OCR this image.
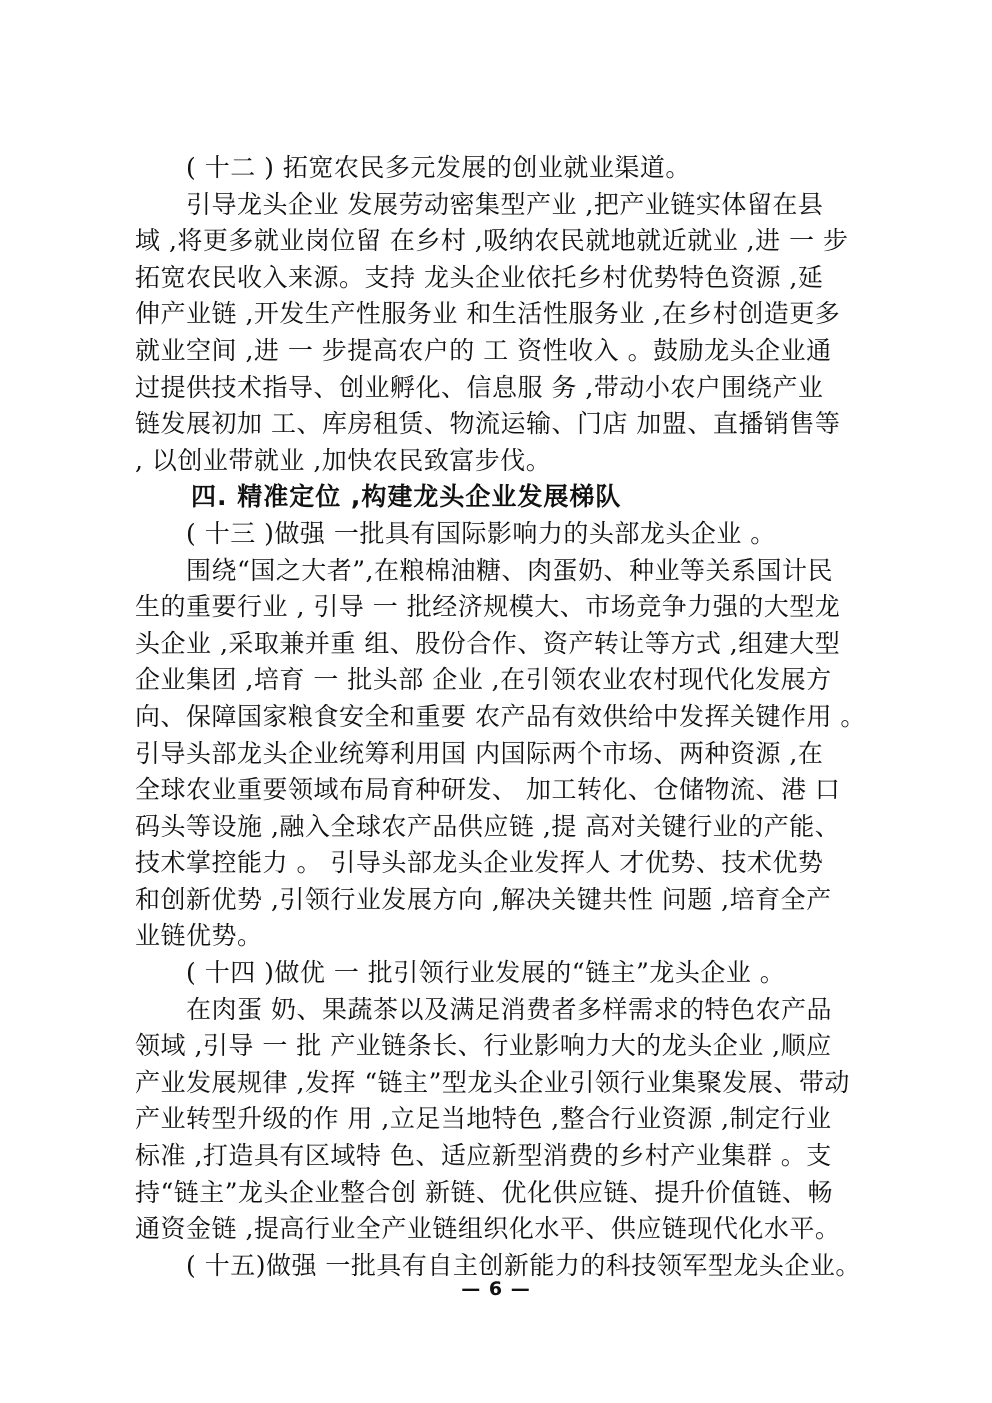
( 十二 ) 拓宽农民多元发展的创业就业渠道。
引导龙头企业 发展劳动密集型产业 ,把产业链实体留在县
域 ,将更多就业岗位留 在乡村 ,吸纳农民就地就近就业 ,进 一 步
拓宽农民收入来源。支持 龙头企业依托乡村优势特色资源 ,延
伸产业链 ,开发生产性服务业 和生活性服务业 ,在乡村创造更多
就业空间 ,进 一 步提高农户的 工 资性收入 。鼓励龙头企业通
过提供技术指导、创业孵化、信息服 务 ,带动小农户围绕产业
链发展初加 工、库房租赁、物流运输、门店 加盟、直播销售等
, 以创业带就业 ,加快农民致富步伐。
四. 精准定位 ,构建龙头企业发展梯队
( 十三 )做强 一批具有国际影响力的头部龙头企业 。
围绕“国之大者”,在粮棉油糖、肉蛋奶、种业等关系国计民
生的重要行业 , 引导 一 批经济规模大、市场竞争力强的大型龙
头企业 ,采取兼并重 组、股份合作、资产转让等方式 ,组建大型
企业集团 ,培育 一 批头部 企业 ,在引领农业农村现代化发展方
向、保障国家粮食安全和重要 农产品有效供给中发挥关键作用 。
引导头部龙头企业统筹利用国 内国际两个市场、两种资源 ,在
全球农业重要领域布局育种研发、 加工转化、仓储物流、港 口
码头等设施 ,融入全球农产品供应链 ,提 高对关键行业的产能、
技术掌控能力 。 引导头部龙头企业发挥人 才优势、技术优势
和创新优势 ,引领行业发展方向 ,解决关键共性 问题 ,培育全产
业链优势。
( 十四 )做优 一 批引领行业发展的“链主”龙头企业 。
在肉蛋 奶、果蔬茶以及满足消费者多样需求的特色农产品
领域 ,引导 一 批 产业链条长、行业影响力大的龙头企业 ,顺应
产业发展规律 ,发挥 “链主”型龙头企业引领行业集聚发展、带动
产业转型升级的作 用 ,立足当地特色 ,整合行业资源 ,制定行业
标准 ,打造具有区域特 色、适应新型消费的乡村产业集群 。支
持“链主”龙头企业整合创 新链、优化供应链、提升价值链、畅
通资金链 ,提高行业全产业链组织化水平、供应链现代化水平。
( 十五)做强 一批具有自主创新能力的科技领军型龙头企业。
— 6 —
